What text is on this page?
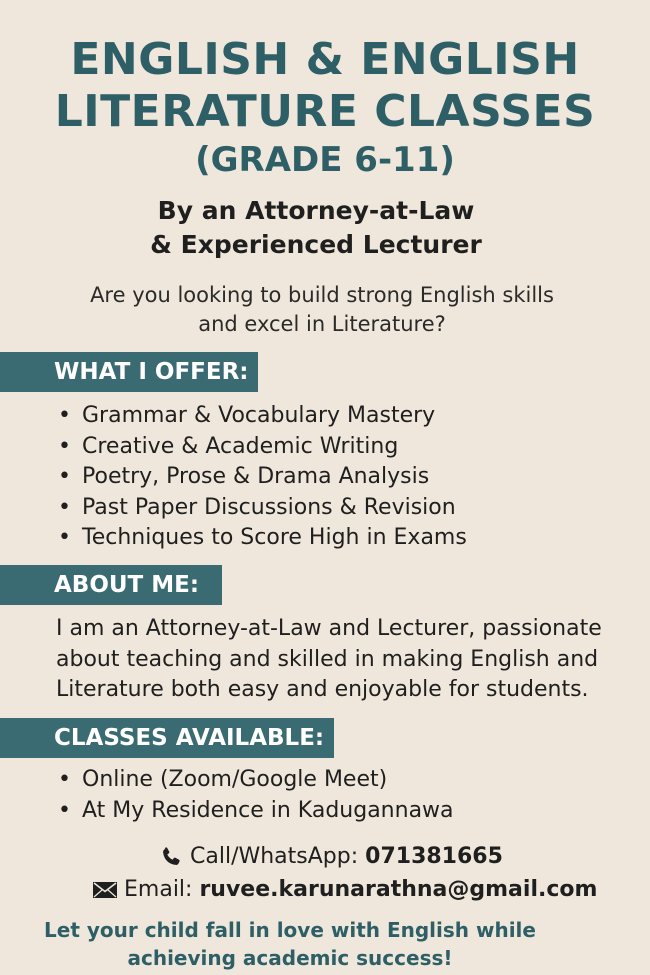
ENGLISH & ENGLISH
LITERATURE CLASSES
(GRADE 6-11)
By an Attorney-at-Law
& Experienced Lecturer
Are you looking to build strong English skills
and excel in Literature?
WHAT I OFFER:
• Grammar & Vocabulary Mastery
• Creative & Academic Writing
• Poetry, Prose & Drama Analysis
• Past Paper Discussions & Revision
• Techniques to Score High in Exams
ABOUT ME:
I am an Attorney-at-Law and Lecturer, passionate
about teaching and skilled in making English and
Literature both easy and enjoyable for students.
CLASSES AVAILABLE:
• Online (Zoom/Google Meet)
• At My Residence in Kadugannawa
Call/WhatsApp:
071381665
Email:
ruvee.karunarathna@gmail.com
Let your child fall in love with English while
achieving academic success!
